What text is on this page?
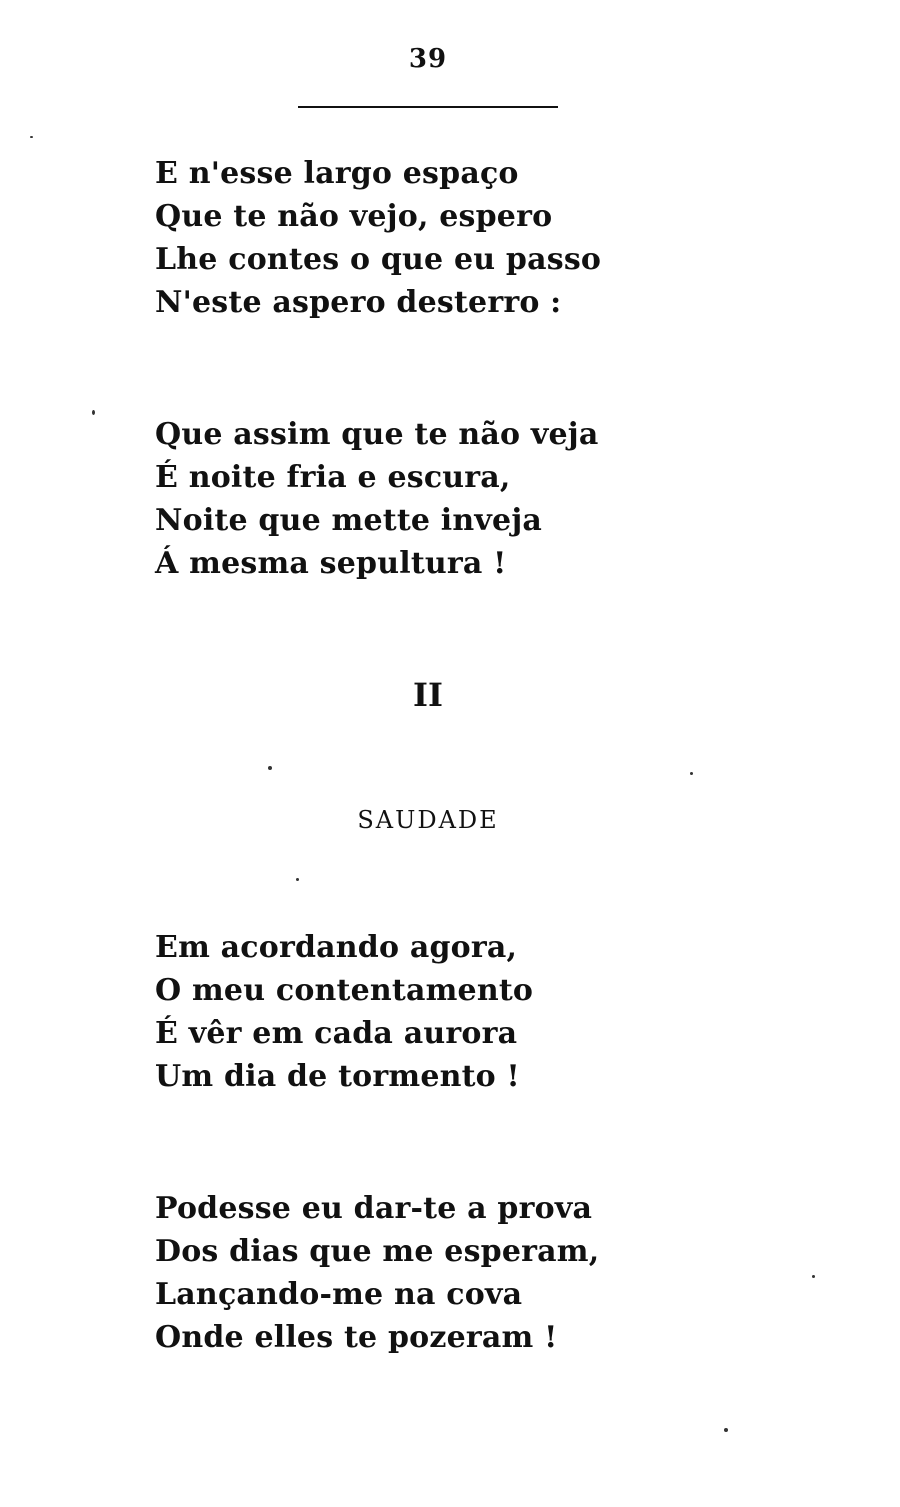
39
E n'esse largo espaço
Que te não vejo, espero
Lhe contes o que eu passo
N'este aspero desterro :
Que assim que te não veja
É noite fria e escura,
Noite que mette inveja
Á mesma sepultura !
II
SAUDADE
Em acordando agora,
O meu contentamento
É vêr em cada aurora
Um dia de tormento !
Podesse eu dar-te a prova
Dos dias que me esperam,
Lançando-me na cova
Onde elles te pozeram !
